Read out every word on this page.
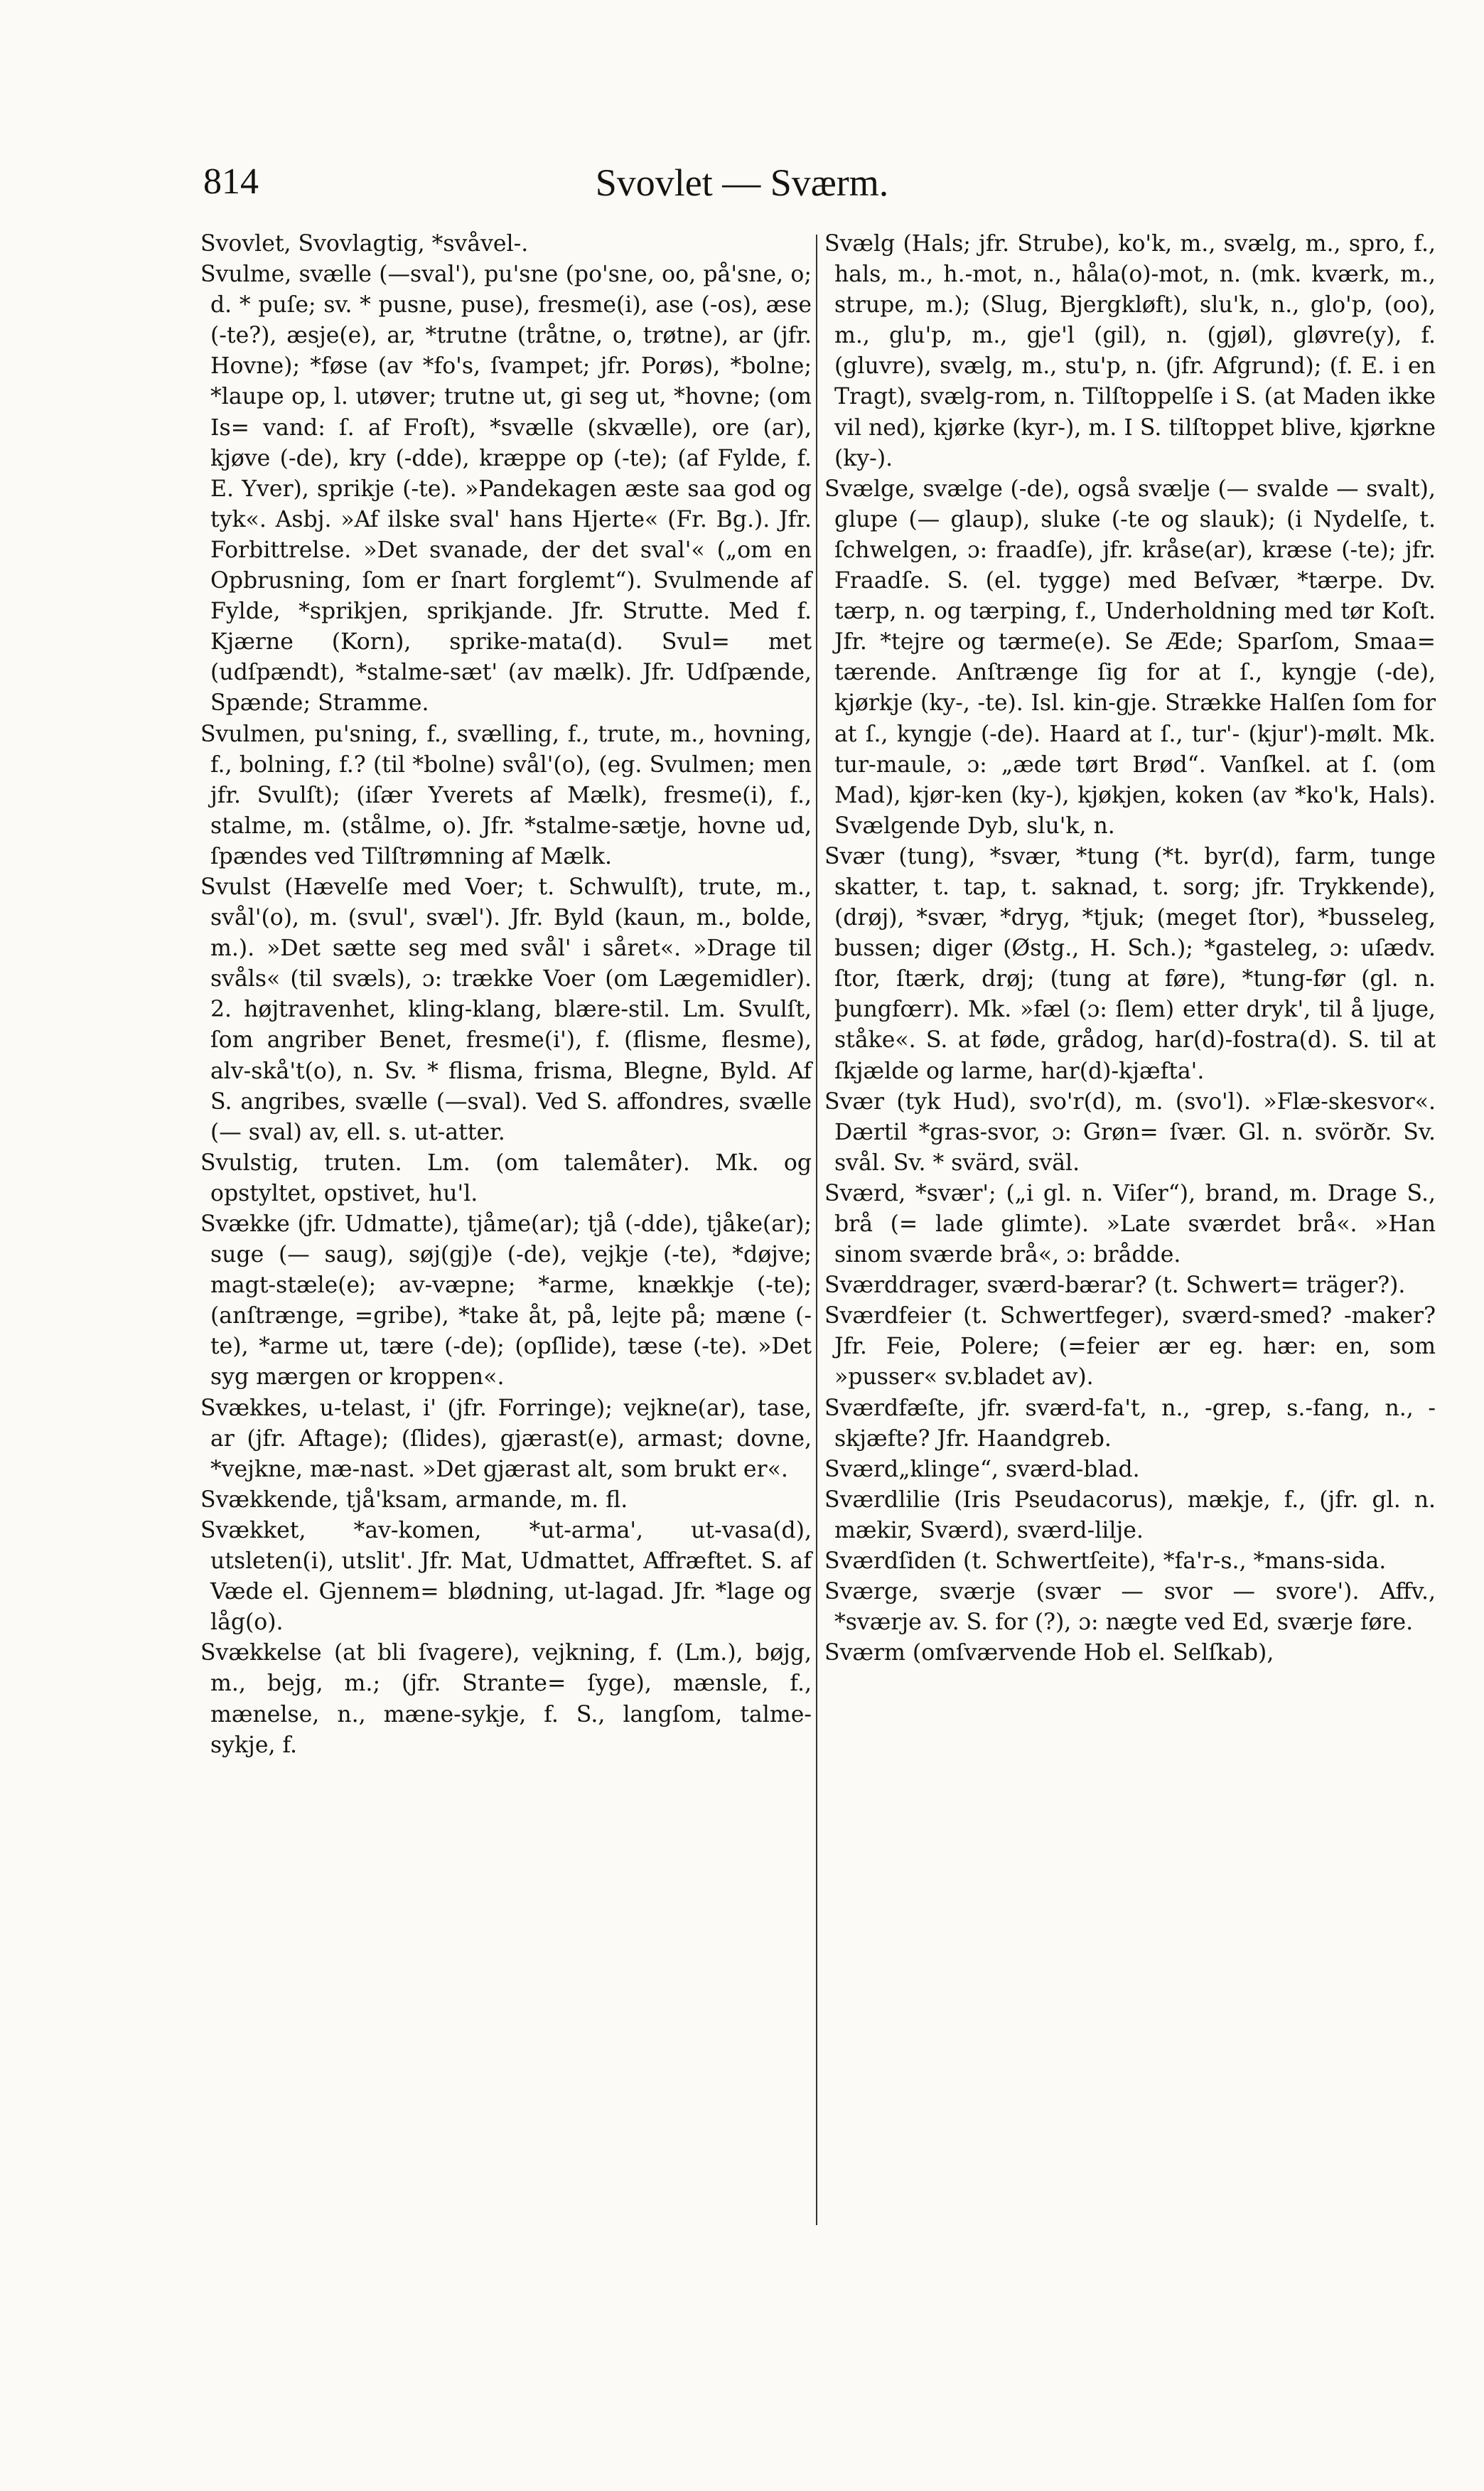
814	Svovlet — Sværm.

Svovlet, Svovlagtig, *svåvel-.

Svulme, svælle (—sval'), pu'sne (po'sne, oo, på'sne, o; d. * puſe; sv. * pusne, puse), fresme(i), ase (-os), æse (-te?), æsje(e), ar, *trutne (tråtne, o, trøtne), ar (jfr. Hovne); *føse (av *fo's, ſvampet; jfr. Porøs), *bolne; *laupe op, l. utøver; trutne ut, gi seg ut, *hovne; (om Is= vand: ſ. af Froſt), *svælle (skvælle), ore (ar), kjøve (-de), kry (-dde), kræppe op (-te); (af Fylde, f. E. Yver), sprikje (-te). »Pandekagen æste saa god og tyk«. Asbj. »Af ilske sval' hans Hjerte« (Fr. Bg.). Jfr. Forbittrelse. »Det svanade, der det sval'« („om en Opbrusning, ſom er ſnart forglemt“). Svulmende af Fylde, *sprikjen, sprikjande. Jfr. Strutte. Med f. Kjærne (Korn), sprike-mata(d). Svul= met (udſpændt), *stalme-sæt' (av mælk). Jfr. Udſpænde, Spænde; Stramme.

Svulmen, pu'sning, f., svælling, f., trute, m., hovning, f., bolning, f.? (til *bolne) svål'(o), (eg. Svulmen; men jfr. Svulſt); (iſær Yverets af Mælk), fresme(i), f., stalme, m. (stålme, o). Jfr. *stalme-sætje, hovne ud, ſpændes ved Tilſtrømning af Mælk.

Svulst (Hævelſe med Voer; t. Schwulſt), trute, m., svål'(o), m. (svul', svæl'). Jfr. Byld (kaun, m., bolde, m.). »Det sætte seg med svål' i såret«. »Drage til svåls« (til svæls), ɔ: trække Voer (om Lægemidler). 2. højtravenhet, kling-klang, blære-stil. Lm. Svulſt, ſom angriber Benet, fresme(i'), f. (flisme, flesme), alv-skå't(o), n. Sv. * flisma, frisma, Blegne, Byld. Af S. angribes, svælle (—sval). Ved S. affondres, svælle (— sval) av, ell. s. ut-atter.

Svulstig, truten. Lm. (om talemåter). Mk. og opstyltet, opstivet, hu'l.

Svække (jfr. Udmatte), tjåme(ar); tjå (-dde), tjåke(ar); suge (— saug), søj(gj)e (-de), vejkje (-te), *døjve; magt-stæle(e); av-væpne; *arme, knækkje (-te); (anſtrænge, =gribe), *take åt, på, lejte på; mæne (-te), *arme ut, tære (-de); (opſlide), tæse (-te). »Det syg mærgen or kroppen«.

Svækkes, u-telast, i' (jfr. Forringe); vejkne(ar), tase, ar (jfr. Aftage); (ſlides), gjærast(e), armast; dovne, *vejkne, mæ-nast. »Det gjærast alt, som brukt er«.

Svækkende, tjå'ksam, armande, m. fl.

Svækket, *av-komen, *ut-arma', ut-vasa(d), utsleten(i), utslit'. Jfr. Mat, Udmattet, Affræftet. S. af Væde el. Gjennem= blødning, ut-lagad. Jfr. *lage og låg(o).

Svækkelse (at bli ſvagere), vejkning, f. (Lm.), bøjg, m., bejg, m.; (jfr. Strante= ſyge), mænsle, f., mænelse, n., mæne-sykje, f. S., langſom, talme-sykje, f.

Svælg (Hals; jfr. Strube), ko'k, m., svælg, m., spro, f., hals, m., h.-mot, n., håla(o)-mot, n. (mk. kværk, m., strupe, m.); (Slug, Bjergkløft), slu'k, n., glo'p, (oo), m., glu'p, m., gje'l (gil), n. (gjøl), gløvre(y), f. (gluvre), svælg, m., stu'p, n. (jfr. Afgrund); (f. E. i en Tragt), svælg-rom, n. Tilſtoppelſe i S. (at Maden ikke vil ned), kjørke (kyr-), m. I S. tilſtoppet blive, kjørkne (ky-).

Svælge, svælge (-de), også svælje (— svalde — svalt), glupe (— glaup), sluke (-te og slauk); (i Nydelſe, t. ſchwelgen, ɔ: fraadſe), jfr. kråse(ar), kræse (-te); jfr. Fraadſe. S. (el. tygge) med Beſvær, *tærpe. Dv. tærp, n. og tærping, f., Underholdning med tør Koſt. Jfr. *tejre og tærme(e). Se Æde; Sparſom, Smaa= tærende. Anſtrænge ſig for at ſ., kyngje (-de), kjørkje (ky-, -te). Isl. kin-gje. Strække Halſen ſom for at ſ., kyngje (-de). Haard at ſ., tur'- (kjur')-mølt. Mk. tur-maule, ɔ: „æde tørt Brød“. Vanſkel. at ſ. (om Mad), kjør-ken (ky-), kjøkjen, koken (av *ko'k, Hals). Svælgende Dyb, slu'k, n.

Svær (tung), *svær, *tung (*t. byr(d), farm, tunge skatter, t. tap, t. saknad, t. sorg; jfr. Trykkende), (drøj), *svær, *dryg, *tjuk; (meget ſtor), *busseleg, bussen; diger (Østg., H. Sch.); *gasteleg, ɔ: uſædv. ſtor, ſtærk, drøj; (tung at føre), *tung-før (gl. n. þungfœrr). Mk. »fæl (ɔ: ſlem) etter dryk', til å ljuge, ståke«. S. at føde, grådog, har(d)-fostra(d). S. til at ſkjælde og larme, har(d)-kjæfta'.

Svær (tyk Hud), svo'r(d), m. (svo'l). »Flæ-skesvor«. Dærtil *gras-svor, ɔ: Grøn= ſvær. Gl. n. svörðr. Sv. svål. Sv. * svärd, sväl.

Sværd, *svær'; („i gl. n. Viſer“), brand, m. Drage S., brå (= lade glimte). »Late sværdet brå«. »Han sinom sværde brå«, ɔ: brådde.

Sværddrager, sværd-bærar? (t. Schwert= träger?).

Sværdfeier (t. Schwertfeger), sværd-smed? -maker? Jfr. Feie, Polere; (=feier ær eg. hær: en, som »pusser« sv.bladet av).

Sværdfæſte, jfr. sværd-fa't, n., -grep, s.-fang, n., -skjæfte? Jfr. Haandgreb.

Sværd„klinge“, sværd-blad.

Sværdlilie (Iris Pseudacorus), mækje, f., (jfr. gl. n. mækir, Sværd), sværd-lilje.

Sværdſiden (t. Schwertſeite), *fa'r-s., *mans-sida.

Sværge, sværje (svær — svor — svore'). Affv., *sværje av. S. for (?), ɔ: nægte ved Ed, sværje føre.

Sværm (omſværvende Hob el. Selſkab),
